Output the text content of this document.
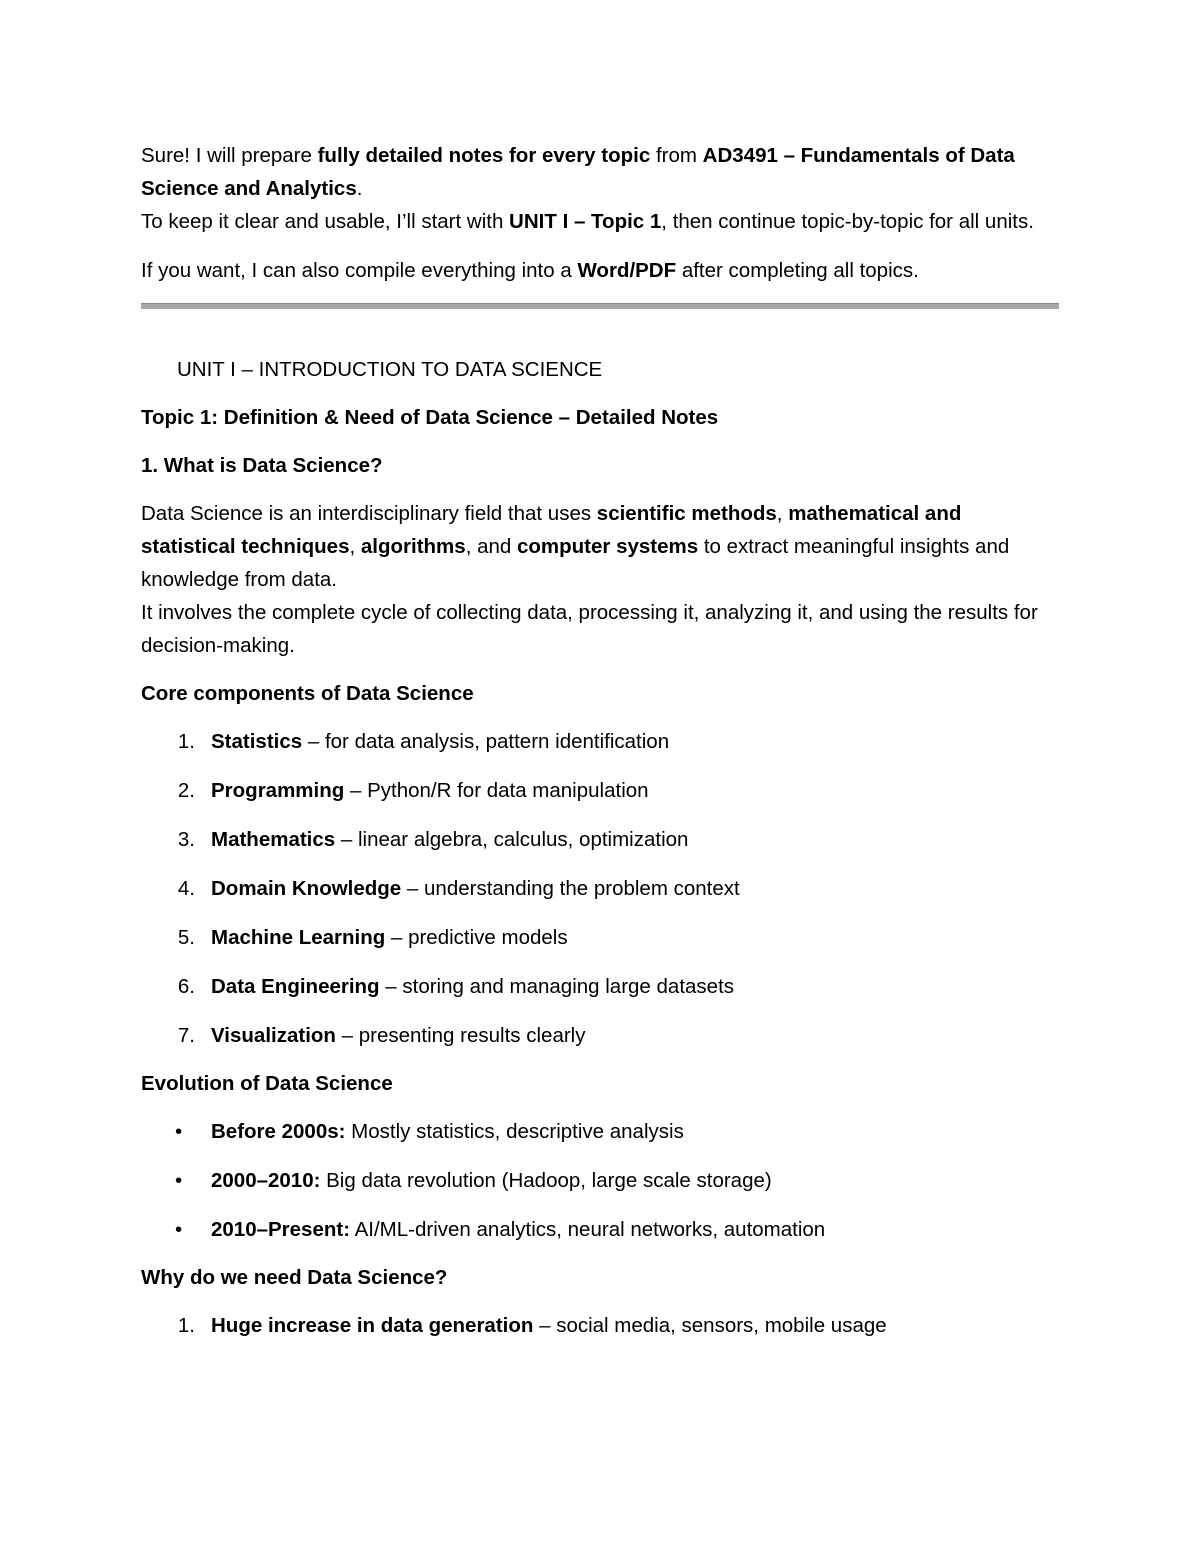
Sure! I will prepare fully detailed notes for every topic from AD3491 – Fundamentals of Data Science and Analytics.

To keep it clear and usable, I’ll start with UNIT I – Topic 1, then continue topic-by-topic for all units.

If you want, I can also compile everything into a Word/PDF after completing all topics.

UNIT I – INTRODUCTION TO DATA SCIENCE

Topic 1: Definition & Need of Data Science – Detailed Notes

1. What is Data Science?

Data Science is an interdisciplinary field that uses scientific methods, mathematical and statistical techniques, algorithms, and computer systems to extract meaningful insights and knowledge from data.

It involves the complete cycle of collecting data, processing it, analyzing it, and using the results for decision-making.

Core components of Data Science

1. Statistics – for data analysis, pattern identification
2. Programming – Python/R for data manipulation
3. Mathematics – linear algebra, calculus, optimization
4. Domain Knowledge – understanding the problem context
5. Machine Learning – predictive models
6. Data Engineering – storing and managing large datasets
7. Visualization – presenting results clearly

Evolution of Data Science

•	Before 2000s: Mostly statistics, descriptive analysis
•	2000–2010: Big data revolution (Hadoop, large scale storage)
•	2010–Present: AI/ML-driven analytics, neural networks, automation

Why do we need Data Science?

1. Huge increase in data generation – social media, sensors, mobile usage
